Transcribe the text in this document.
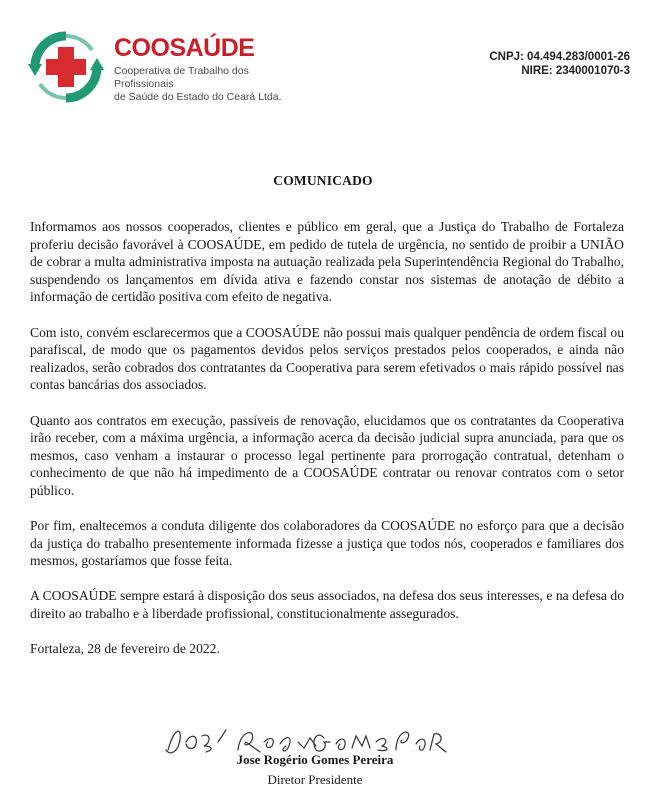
COOSAÚDE
Cooperativa de Trabalho dos Profissionais
de Saúde do Estado do Ceará Ltda.
CNPJ: 04.494.283/0001-26
NIRE: 2340001070-3
COMUNICADO

Informamos aos nossos cooperados, clientes e público em geral, que a Justiça do Trabalho de Fortaleza proferiu decisão favorável à COOSAÚDE, em pedido de tutela de urgência, no sentido de proibir a UNIÃO de cobrar a multa administrativa imposta na autuação realizada pela Superintendência Regional do Trabalho, suspendendo os lançamentos em dívida ativa e fazendo constar nos sistemas de anotação de débito a informação de certidão positiva com efeito de negativa.

Com isto, convém esclarecermos que a COOSAÚDE não possui mais qualquer pendência de ordem fiscal ou parafiscal, de modo que os pagamentos devidos pelos serviços prestados pelos cooperados, e ainda não realizados, serão cobrados dos contratantes da Cooperativa para serem efetivados o mais rápido possível nas contas bancárias dos associados.

Quanto aos contratos em execução, passíveis de renovação, elucidamos que os contratantes da Cooperativa irão receber, com a máxima urgência, a informação acerca da decisão judicial supra anunciada, para que os mesmos, caso venham a instaurar o processo legal pertinente para prorrogação contratual, detenham o conhecimento de que não há impedimento de a COOSAÚDE contratar ou renovar contratos com o setor público.

Por fim, enaltecemos a conduta diligente dos colaboradores da COOSAÚDE no esforço para que a decisão da justiça do trabalho presentemente informada fizesse a justiça que todos nós, cooperados e familiares dos mesmos, gostaríamos que fosse feita.

A COOSAÚDE sempre estará à disposição dos seus associados, na defesa dos seus interesses, e na defesa do direito ao trabalho e à liberdade profissional, constitucionalmente assegurados.

Fortaleza, 28 de fevereiro de 2022.

Jose Rogério Gomes Pereira
Diretor Presidente
